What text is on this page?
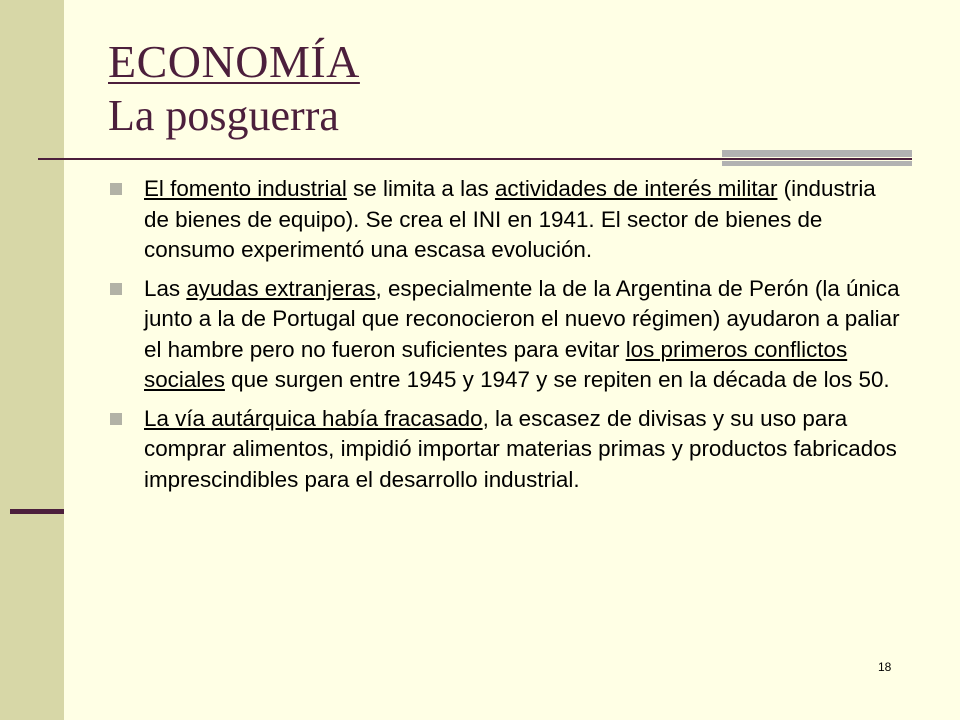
ECONOMÍA
La posguerra
El fomento industrial se limita a las actividades de interés militar (industria de bienes de equipo). Se crea el INI en 1941. El sector de bienes de consumo experimentó una escasa evolución.
Las ayudas extranjeras, especialmente la de la Argentina de Perón (la única junto a la de Portugal que reconocieron el nuevo régimen) ayudaron a paliar el hambre pero no fueron suficientes para evitar los primeros conflictos sociales que surgen entre 1945 y 1947 y se repiten en la década de los 50.
La vía autárquica había fracasado, la escasez de divisas y su uso para comprar alimentos, impidió importar materias primas y productos fabricados imprescindibles para el desarrollo industrial.
18
